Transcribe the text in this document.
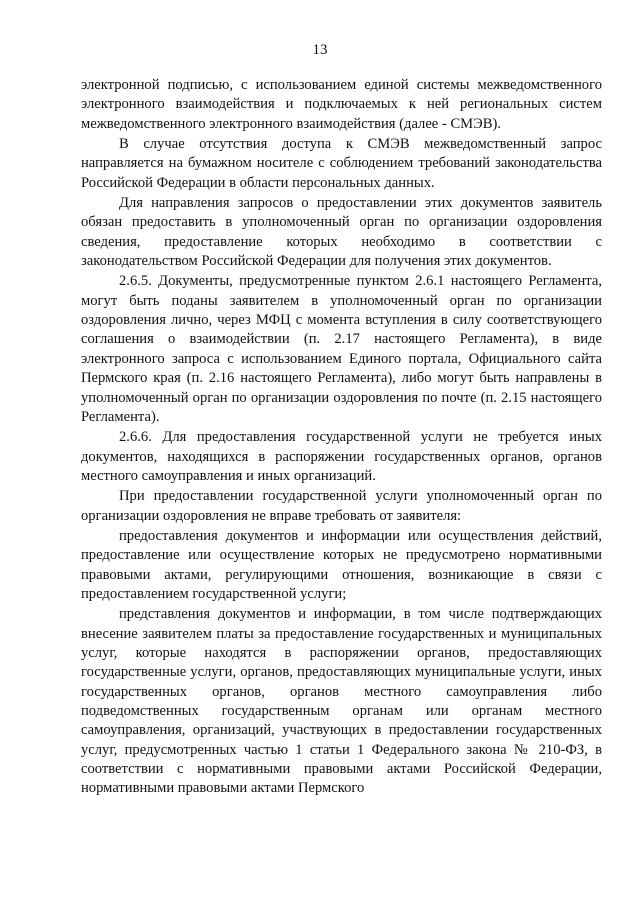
13

электронной подписью, с использованием единой системы межведомственного электронного взаимодействия и подключаемых к ней региональных систем межведомственного электронного взаимодействия (далее - СМЭВ).

В случае отсутствия доступа к СМЭВ межведомственный запрос направляется на бумажном носителе с соблюдением требований законодательства Российской Федерации в области персональных данных.

Для направления запросов о предоставлении этих документов заявитель обязан предоставить в уполномоченный орган по организации оздоровления сведения, предоставление которых необходимо в соответствии с законодательством Российской Федерации для получения этих документов.

2.6.5. Документы, предусмотренные пунктом 2.6.1 настоящего Регламента, могут быть поданы заявителем в уполномоченный орган по организации оздоровления лично, через МФЦ с момента вступления в силу соответствующего соглашения о взаимодействии (п. 2.17 настоящего Регламента), в виде электронного запроса с использованием Единого портала, Официального сайта Пермского края (п. 2.16 настоящего Регламента), либо могут быть направлены в уполномоченный орган по организации оздоровления по почте (п. 2.15 настоящего Регламента).

2.6.6. Для предоставления государственной услуги не требуется иных документов, находящихся в распоряжении государственных органов, органов местного самоуправления и иных организаций.

При предоставлении государственной услуги уполномоченный орган по организации оздоровления не вправе требовать от заявителя:

предоставления документов и информации или осуществления действий, предоставление или осуществление которых не предусмотрено нормативными правовыми актами, регулирующими отношения, возникающие в связи с предоставлением государственной услуги;

представления документов и информации, в том числе подтверждающих внесение заявителем платы за предоставление государственных и муниципальных услуг, которые находятся в распоряжении органов, предоставляющих государственные услуги, органов, предоставляющих муниципальные услуги, иных государственных органов, органов местного самоуправления либо подведомственных государственным органам или органам местного самоуправления, организаций, участвующих в предоставлении государственных услуг, предусмотренных частью 1 статьи 1 Федерального закона № 210-ФЗ, в соответствии с нормативными правовыми актами Российской Федерации, нормативными правовыми актами Пермского
